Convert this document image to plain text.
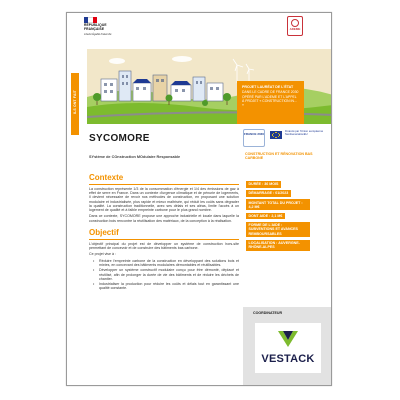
RÉPUBLIQUE
FRANÇAISE
Liberté Égalité Fraternité
ADEME
PROJET LAURÉAT DE L'ÉTAT
DANS LE CADRE DE FRANCE 2030 OPÉRÉ PAR L'ADEME ET L'APPEL À PROJET « CONSTRUCTION IN… »
ILS ONT FAIT
SYCOMORE
SYstème de COnstruction MOdulaire Responsable
FRANCE 2030
Financé par l'Union européenne NextGenerationEU
CONSTRUCTION ET RÉNOVATION BAS CARBONE
Contexte

La construction représente 1/3 de la consommation d'énergie et 1/4 des émissions de gaz à effet de serre en France. Dans un contexte d'urgence climatique et de pénurie de logements, il devient nécessaire de revoir nos méthodes de construction, en proposant une solution modulaire et industrialisée, plus rapide et mieux maîtrisée, qui réduit les coûts sans dégrader la qualité. La construction traditionnelle, avec ses délais et ses aléas, limite l'accès à un logement de qualité et à faible empreinte carbone pour le plus grand nombre.

Dans ce contexte, SYCOMORE propose une approche industrielle et locale dans laquelle la construction bois rencontre la réutilisation des matériaux, de la conception à la réalisation.

Objectif

L'objectif principal du projet est de développer un système de construction hors-site permettant de concevoir et de construire des bâtiments bas carbone.

Ce projet vise à :

• Réduire l'empreinte carbone de la construction en développant des solutions bois et mixtes, en concevant des bâtiments modulaires démontables et réutilisables.
• Développer un système constructif modulaire conçu pour être démonté, déplacé et réutilisé, afin de prolonger la durée de vie des bâtiments et de réduire les déchets de chantier.
• Industrialiser la production pour réduire les coûts et délais tout en garantissant une qualité constante.
DURÉE : 36 MOIS
DÉMARRAGE : 01/2023
MONTANT TOTAL DU PROJET : 4,2 M€
DONT AIDE : 2,1 M€
FORME DE L'AIDE : SUBVENTIONS ET AVANCES REMBOURSABLES
LOCALISATION : AUVERGNE-RHÔNE-ALPES
COORDINATEUR
VESTACK
